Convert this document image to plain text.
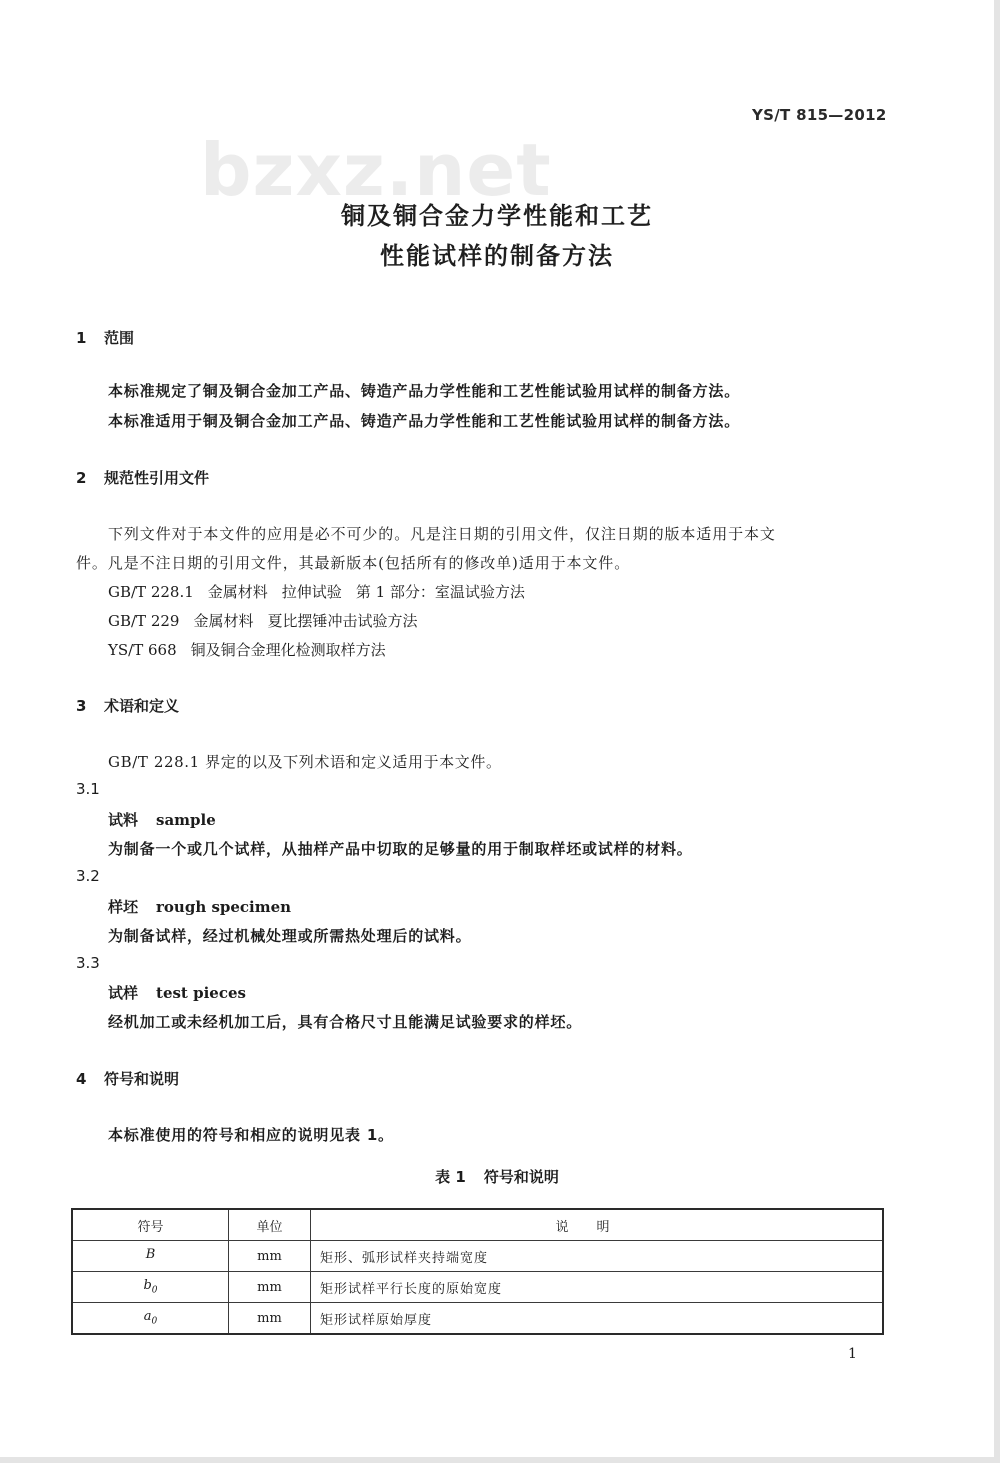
bzxz.net
YS/T 815—2012
铜及铜合金力学性能和工艺
性能试样的制备方法
1 范围
本标准规定了铜及铜合金加工产品、铸造产品力学性能和工艺性能试验用试样的制备方法。
本标准适用于铜及铜合金加工产品、铸造产品力学性能和工艺性能试验用试样的制备方法。
2 规范性引用文件
下列文件对于本文件的应用是必不可少的。凡是注日期的引用文件，仅注日期的版本适用于本文
件。凡是不注日期的引用文件，其最新版本(包括所有的修改单)适用于本文件。
GB/T 228.1 金属材料 拉伸试验 第 1 部分：室温试验方法
GB/T 229 金属材料 夏比摆锤冲击试验方法
YS/T 668 铜及铜合金理化检测取样方法
3 术语和定义
GB/T 228.1 界定的以及下列术语和定义适用于本文件。
3.1
试料 sample
为制备一个或几个试样，从抽样产品中切取的足够量的用于制取样坯或试样的材料。
3.2
样坯 rough specimen
为制备试样，经过机械处理或所需热处理后的试料。
3.3
试样 test pieces
经机加工或未经机加工后，具有合格尺寸且能满足试验要求的样坯。
4 符号和说明
本标准使用的符号和相应的说明见表 1。
表 1 符号和说明
符号	单位	说明
B	mm	矩形、弧形试样夹持端宽度
$b_0$	mm	矩形试样平行长度的原始宽度
$a_0$	mm	矩形试样原始厚度
1
